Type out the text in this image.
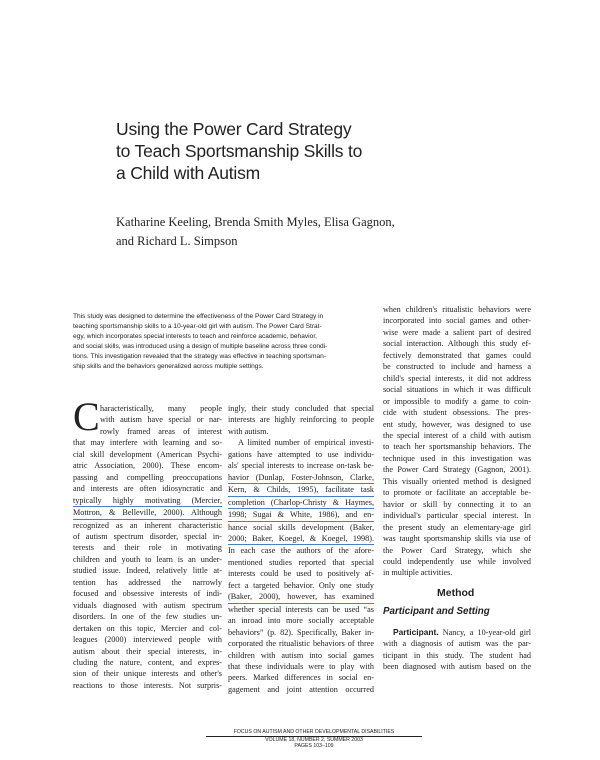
Using the Power Card Strategy
to Teach Sportsmanship Skills to
a Child with Autism
Katharine Keeling, Brenda Smith Myles, Elisa Gagnon,
and Richard L. Simpson
This study was designed to determine the effectiveness of the Power Card Strategy in
teaching sportsmanship skills to a 10-year-old girl with autism. The Power Card Strat-
egy, which incorporates special interests to teach and reinforce academic, behavior,
and social skills, was introduced using a design of multiple baseline across three condi-
tions. This investigation revealed that the strategy was effective in teaching sportsman-
ship skills and the behaviors generalized across multiple settings.
C haracteristically, many people
with autism have special or nar-
rowly framed areas of interest
that may interfere with learning and so-
cial skill development (American Psychi-
atric Association, 2000). These encom-
passing and compelling preoccupations
and interests are often idiosyncratic and
typically highly motivating (Mercier,
Mottron, & Belleville, 2000). Although
recognized as an inherent characteristic
of autism spectrum disorder, special in-
terests and their role in motivating
children and youth to learn is an under-
studied issue. Indeed, relatively little at-
tention has addressed the narrowly
focused and obsessive interests of indi-
viduals diagnosed with autism spectrum
disorders. In one of the few studies un-
dertaken on this topic, Mercier and col-
leagues (2000) interviewed people with
autism about their special interests, in-
cluding the nature, content, and expres-
sion of their unique interests and other's
reactions to those interests. Not surpris-
ingly, their study concluded that special
interests are highly reinforcing to people
with autism.
A limited number of empirical investi-
gations have attempted to use individu-
als' special interests to increase on-task be-
havior (Dunlap, Foster-Johnson, Clarke,
Kern, & Childs, 1995), facilitate task
completion (Charlop-Christy & Haymes,
1998; Sugai & White, 1986), and en-
hance social skills development (Baker,
2000; Baker, Koegel, & Koegel, 1998).
In each case the authors of the afore-
mentioned studies reported that special
interests could be used to positively af-
fect a targeted behavior. Only one study
(Baker, 2000), however, has examined
whether special interests can be used “as
an inroad into more socially acceptable
behaviors” (p. 82). Specifically, Baker in-
corporated the ritualistic behaviors of three
children with autism into social games
that these individuals were to play with
peers. Marked differences in social en-
gagement and joint attention occurred
when children's ritualistic behaviors were
incorporated into social games and other-
wise were made a salient part of desired
social interaction. Although this study ef-
fectively demonstrated that games could
be constructed to include and harness a
child's special interests, it did not address
social situations in which it was difficult
or impossible to modify a game to coin-
cide with student obsessions. The pres-
ent study, however, was designed to use
the special interest of a child with autism
to teach her sportsmanship behaviors. The
technique used in this investigation was
the Power Card Strategy (Gagnon, 2001).
This visually oriented method is designed
to promote or facilitate an acceptable be-
havior or skill by connecting it to an
individual's particular special interest. In
the present study an elementary-age girl
was taught sportsmanship skills via use of
the Power Card Strategy, which she
could independently use while involved
in multiple activities.
Method
Participant and Setting
Participant. Nancy, a 10-year-old girl
with a diagnosis of autism was the par-
ticipant in this study. The student had
been diagnosed with autism based on the
FOCUS ON AUTISM AND OTHER DEVELOPMENTAL DISABILITIES
VOLUME 18, NUMBER 2, SUMMER 2003
PAGES 103–109
